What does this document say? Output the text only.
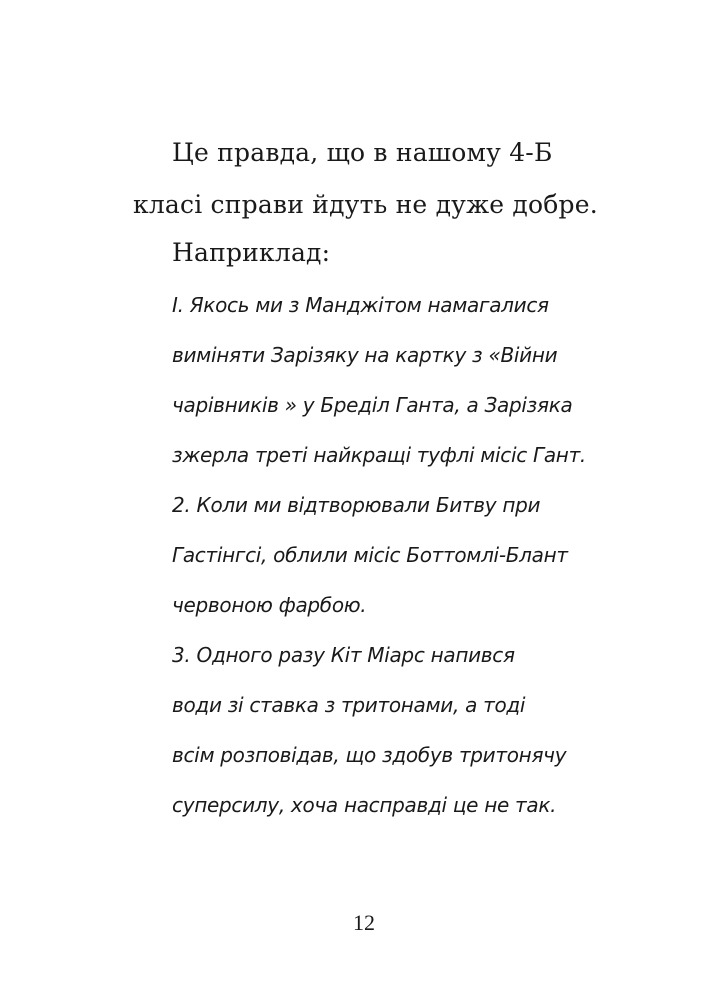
Це правда, що в нашому 4-Б
класі справи йдуть не дуже добре.
Наприклад:
І. Якось ми з Манджітом намагалися
виміняти Зарізяку на картку з «Війни
чарівників » у Бреділ Ганта, а Зарізяка
зжерла треті найкращі туфлі місіс Гант.
2. Коли ми відтворювали Битву при
Гастінгсі, облили місіс Боттомлі-Блант
червоною фарбою.
3. Одного разу Кіт Міарс напився
води зі ставка з тритонами, а тоді
всім розповідав, що здобув тритонячу
суперсилу, хоча насправді це не так.
12
